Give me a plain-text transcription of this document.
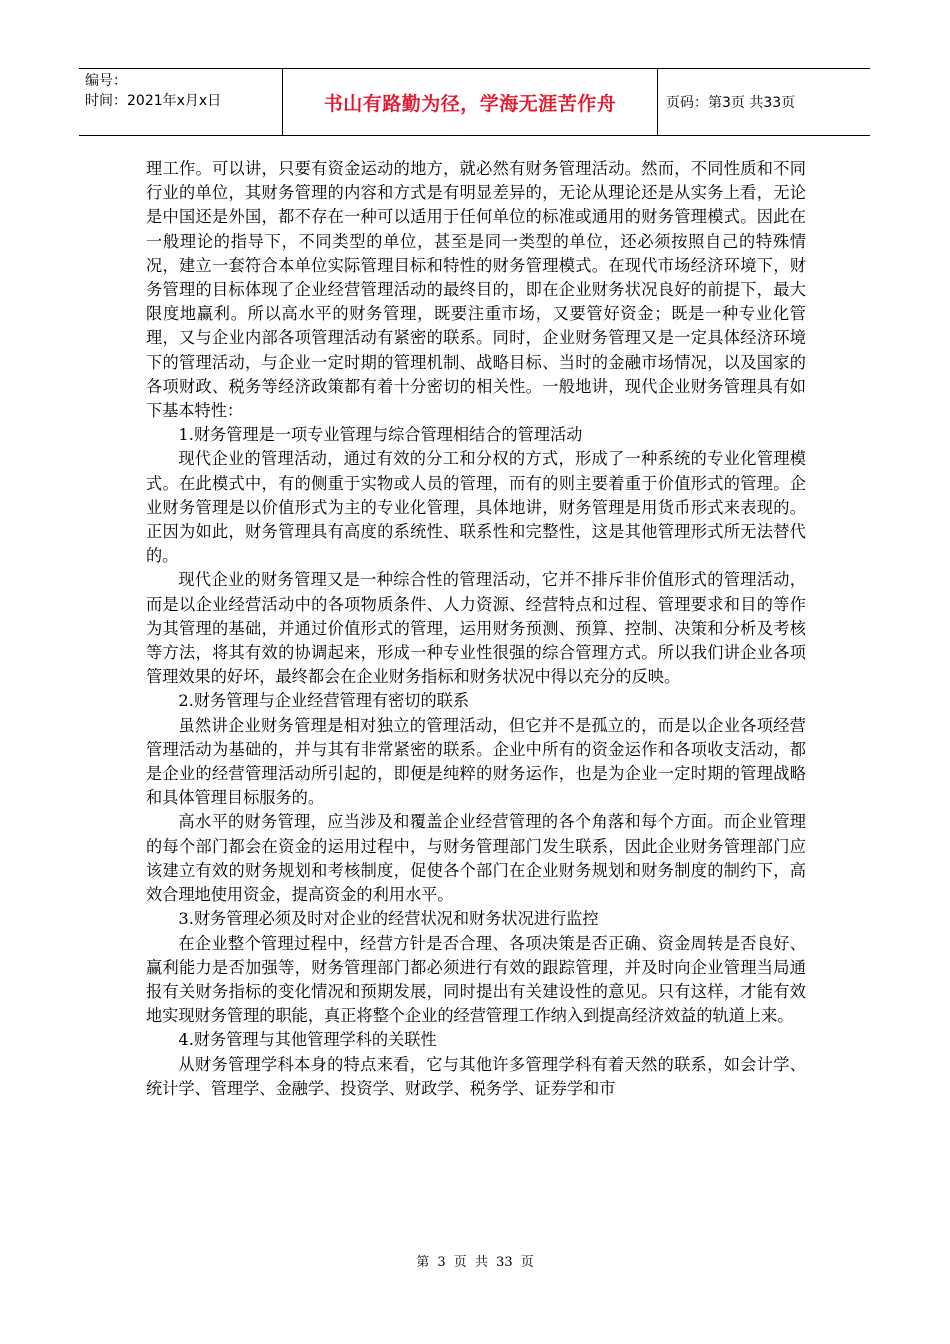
编号：
时间：2021年x月x日	书山有路勤为径，学海无涯苦作舟	页码：第3页 共33页

理工作。可以讲，只要有资金运动的地方，就必然有财务管理活动。然而，不同性质和不同行业的单位，其财务管理的内容和方式是有明显差异的，无论从理论还是从实务上看，无论是中国还是外国，都不存在一种可以适用于任何单位的标准或通用的财务管理模式。因此在一般理论的指导下，不同类型的单位，甚至是同一类型的单位，还必须按照自己的特殊情况，建立一套符合本单位实际管理目标和特性的财务管理模式。在现代市场经济环境下，财务管理的目标体现了企业经营管理活动的最终目的，即在企业财务状况良好的前提下，最大限度地赢利。所以高水平的财务管理，既要注重市场，又要管好资金；既是一种专业化管理，又与企业内部各项管理活动有紧密的联系。同时，企业财务管理又是一定具体经济环境下的管理活动，与企业一定时期的管理机制、战略目标、当时的金融市场情况，以及国家的各项财政、税务等经济政策都有着十分密切的相关性。一般地讲，现代企业财务管理具有如下基本特性：

1.财务管理是一项专业管理与综合管理相结合的管理活动

现代企业的管理活动，通过有效的分工和分权的方式，形成了一种系统的专业化管理模式。在此模式中，有的侧重于实物或人员的管理，而有的则主要着重于价值形式的管理。企业财务管理是以价值形式为主的专业化管理，具体地讲，财务管理是用货币形式来表现的。正因为如此，财务管理具有高度的系统性、联系性和完整性，这是其他管理形式所无法替代的。

现代企业的财务管理又是一种综合性的管理活动，它并不排斥非价值形式的管理活动，而是以企业经营活动中的各项物质条件、人力资源、经营特点和过程、管理要求和目的等作为其管理的基础，并通过价值形式的管理，运用财务预测、预算、控制、决策和分析及考核等方法，将其有效的协调起来，形成一种专业性很强的综合管理方式。所以我们讲企业各项管理效果的好坏，最终都会在企业财务指标和财务状况中得以充分的反映。

2.财务管理与企业经营管理有密切的联系

虽然讲企业财务管理是相对独立的管理活动，但它并不是孤立的，而是以企业各项经营管理活动为基础的，并与其有非常紧密的联系。企业中所有的资金运作和各项收支活动，都是企业的经营管理活动所引起的，即便是纯粹的财务运作，也是为企业一定时期的管理战略和具体管理目标服务的。

高水平的财务管理，应当涉及和覆盖企业经营管理的各个角落和每个方面。而企业管理的每个部门都会在资金的运用过程中，与财务管理部门发生联系，因此企业财务管理部门应该建立有效的财务规划和考核制度，促使各个部门在企业财务规划和财务制度的制约下，高效合理地使用资金，提高资金的利用水平。

3.财务管理必须及时对企业的经营状况和财务状况进行监控

在企业整个管理过程中，经营方针是否合理、各项决策是否正确、资金周转是否良好、赢利能力是否加强等，财务管理部门都必须进行有效的跟踪管理，并及时向企业管理当局通报有关财务指标的变化情况和预期发展，同时提出有关建设性的意见。只有这样，才能有效地实现财务管理的职能，真正将整个企业的经营管理工作纳入到提高经济效益的轨道上来。

4.财务管理与其他管理学科的关联性

从财务管理学科本身的特点来看，它与其他许多管理学科有着天然的联系，如会计学、统计学、管理学、金融学、投资学、财政学、税务学、证券学和市

第 3 页 共 33 页
